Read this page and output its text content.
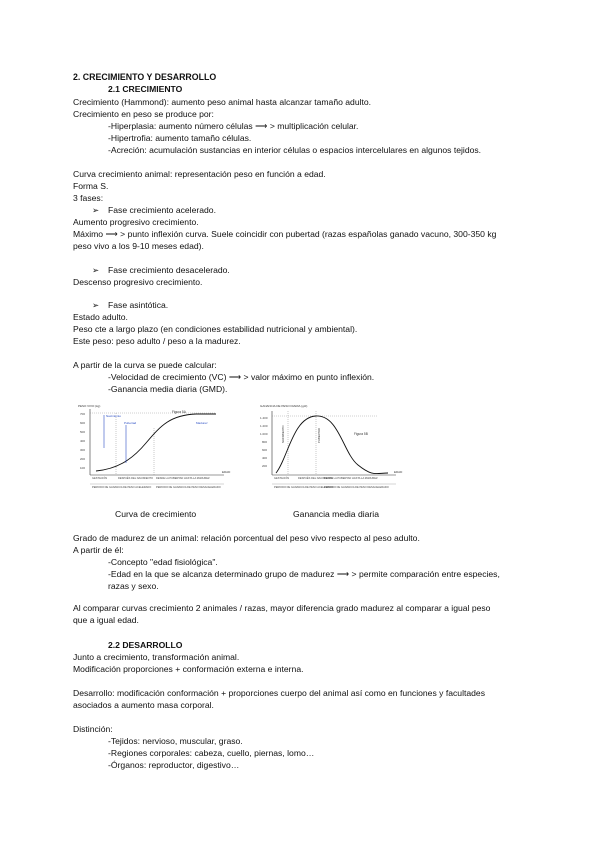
2. CRECIMIENTO Y DESARROLLO
2.1 CRECIMIENTO
Crecimiento (Hammond): aumento peso animal hasta alcanzar tamaño adulto.
Crecimiento en peso se produce por:
-Hiperplasia: aumento número células ⟶ > multiplicación celular.
-Hipertrofia: aumento tamaño células.
-Acreción: acumulación sustancias en interior células o espacios intercelulares en algunos tejidos.
Curva crecimiento animal: representación peso en función a edad.
Forma S.
3 fases:
➢ Fase crecimiento acelerado.
Aumento progresivo crecimiento.
Máximo ⟶ > punto inflexión curva. Suele coincidir con pubertad (razas españolas ganado vacuno, 300-350 kg
peso vivo a los 9-10 meses edad).
➢ Fase crecimiento desacelerado.
Descenso progresivo crecimiento.
➢ Fase asintótica.
Estado adulto.
Peso cte a largo plazo (en condiciones estabilidad nutricional y ambiental).
Este peso: peso adulto / peso a la madurez.
A partir de la curva se puede calcular:
-Velocidad de crecimiento (VC) ⟶ > valor máximo en punto inflexión.
-Ganancia media diaria (GMD).
PESO VIVO (kg)
700
600
500
400
300
200
100
EDAD
Nacimiento
Pubertad	Madurez
Figura 5A
GESTACIÓN	DESPUÉS DEL NACIMIENTO DESDE LA PUBERTAD HASTA LA MADUREZ
PERIODO DE GANANCIA DE PESO ACELERADO PERIODO DE GANANCIA DE PESO DESACELERADO
GANANCIA DE PESO DIARIA (g/d)
1.400
1.200
1.000
800
600
400
200
EDAD
NACIMIENTO	PUBERTAD	Figura 5B
GESTACIÓN	DESPUÉS DEL NACIMIENTO
DESDE LA PUBERTAD HASTA LA MADUREZ
PERIODO DE GANANCIA DE PESO ACELERADO
PERIODO DE GANANCIA DE PESO DESACELERADO
Curva de crecimiento	Ganancia media diaria
Grado de madurez de un animal: relación porcentual del peso vivo respecto al peso adulto.
A partir de él:
-Concepto "edad fisiológica".
-Edad en la que se alcanza determinado grupo de madurez ⟶ > permite comparación entre especies,
razas y sexo.
Al comparar curvas crecimiento 2 animales / razas, mayor diferencia grado madurez al comparar a igual peso
que a igual edad.
2.2 DESARROLLO
Junto a crecimiento, transformación animal.
Modificación proporciones + conformación externa e interna.
Desarrollo: modificación conformación + proporciones cuerpo del animal así como en funciones y facultades
asociados a aumento masa corporal.
Distinción:
-Tejidos: nervioso, muscular, graso.
-Regiones corporales: cabeza, cuello, piernas, lomo…
-Órganos: reproductor, digestivo…
